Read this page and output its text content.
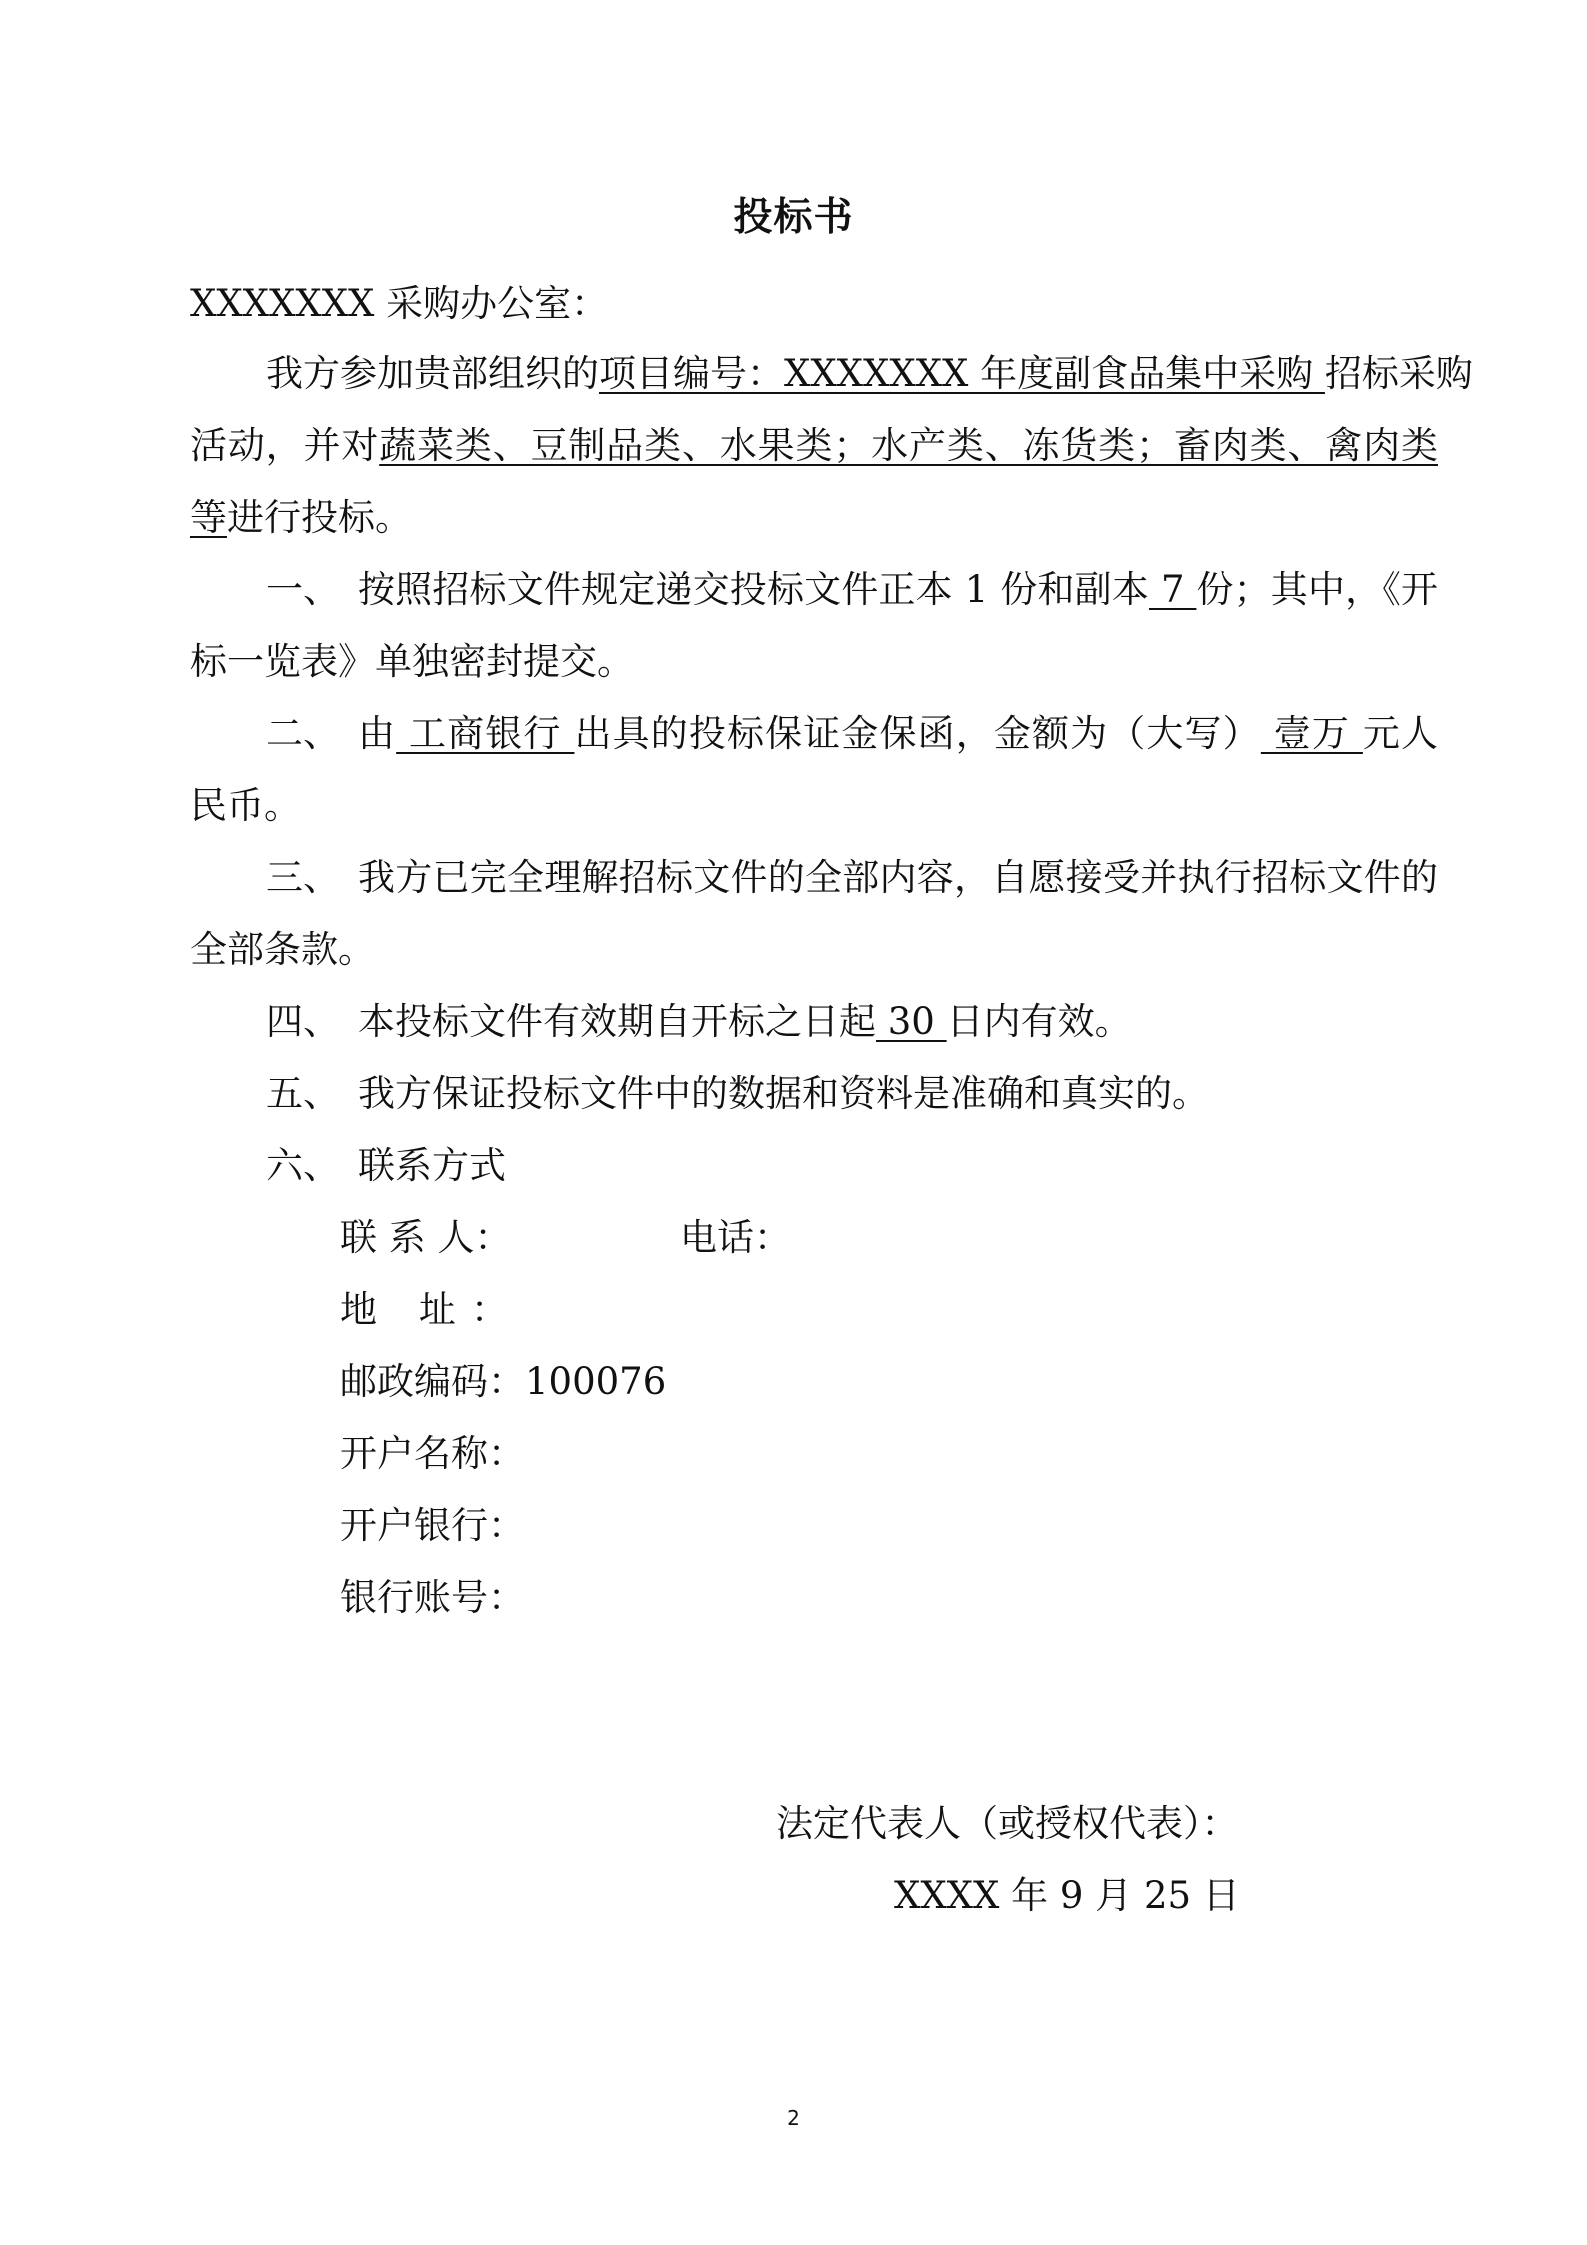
投标书
XXXXXXX 采购办公室：
我方参加贵部组织的项目编号：XXXXXXX 年度副食品集中采购 招标采购
活动，并对蔬菜类、豆制品类、水果类；水产类、冻货类；畜肉类、禽肉类
等进行投标。
一、 按照招标文件规定递交投标文件正本 1 份和副本 7 份；其中，《开
标一览表》单独密封提交。
二、 由 工商银行 出具的投标保证金保函，金额为（大写） 壹万 元人
民币。
三、 我方已完全理解招标文件的全部内容，自愿接受并执行招标文件的
全部条款。
四、 本投标文件有效期自开标之日起 30 日内有效。
五、 我方保证投标文件中的数据和资料是准确和真实的。
六、 联系方式
联 系 人：	电话：
地 址：
邮政编码：100076
开户名称：
开户银行：
银行账号：
法定代表人（或授权代表）：
XXXX 年 9 月 25 日
2
